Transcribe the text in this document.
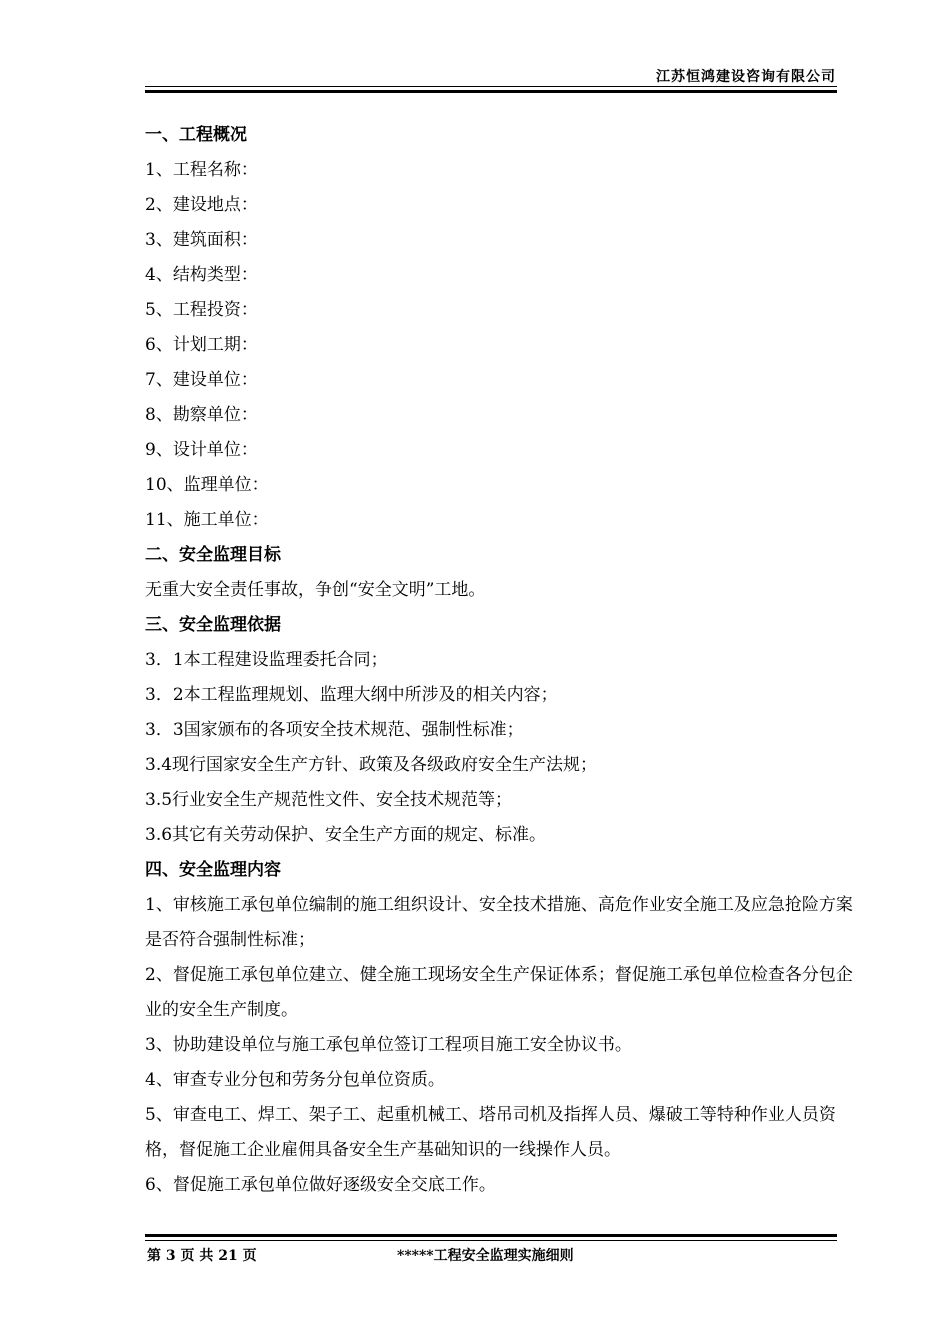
江苏恒鸿建设咨询有限公司
一、工程概况
1、工程名称：
2、建设地点：
3、建筑面积：
4、结构类型：
5、工程投资：
6、计划工期：
7、建设单位：
8、勘察单位：
9、设计单位：
10、监理单位：
11、施工单位：
二、安全监理目标
无重大安全责任事故，争创“安全文明”工地。
三、安全监理依据
3．1本工程建设监理委托合同；
3．2本工程监理规划、监理大纲中所涉及的相关内容；
3．3国家颁布的各项安全技术规范、强制性标准；
3.4现行国家安全生产方针、政策及各级政府安全生产法规；
3.5行业安全生产规范性文件、安全技术规范等；
3.6其它有关劳动保护、安全生产方面的规定、标准。
四、安全监理内容
1、审核施工承包单位编制的施工组织设计、安全技术措施、高危作业安全施工及应急抢险方案是否符合强制性标准；
2、督促施工承包单位建立、健全施工现场安全生产保证体系；督促施工承包单位检查各分包企业的安全生产制度。
3、协助建设单位与施工承包单位签订工程项目施工安全协议书。
4、审查专业分包和劳务分包单位资质。
5、审查电工、焊工、架子工、起重机械工、塔吊司机及指挥人员、爆破工等特种作业人员资格，督促施工企业雇佣具备安全生产基础知识的一线操作人员。
6、督促施工承包单位做好逐级安全交底工作。
第 3 页 共 21 页	*****工程安全监理实施细则
